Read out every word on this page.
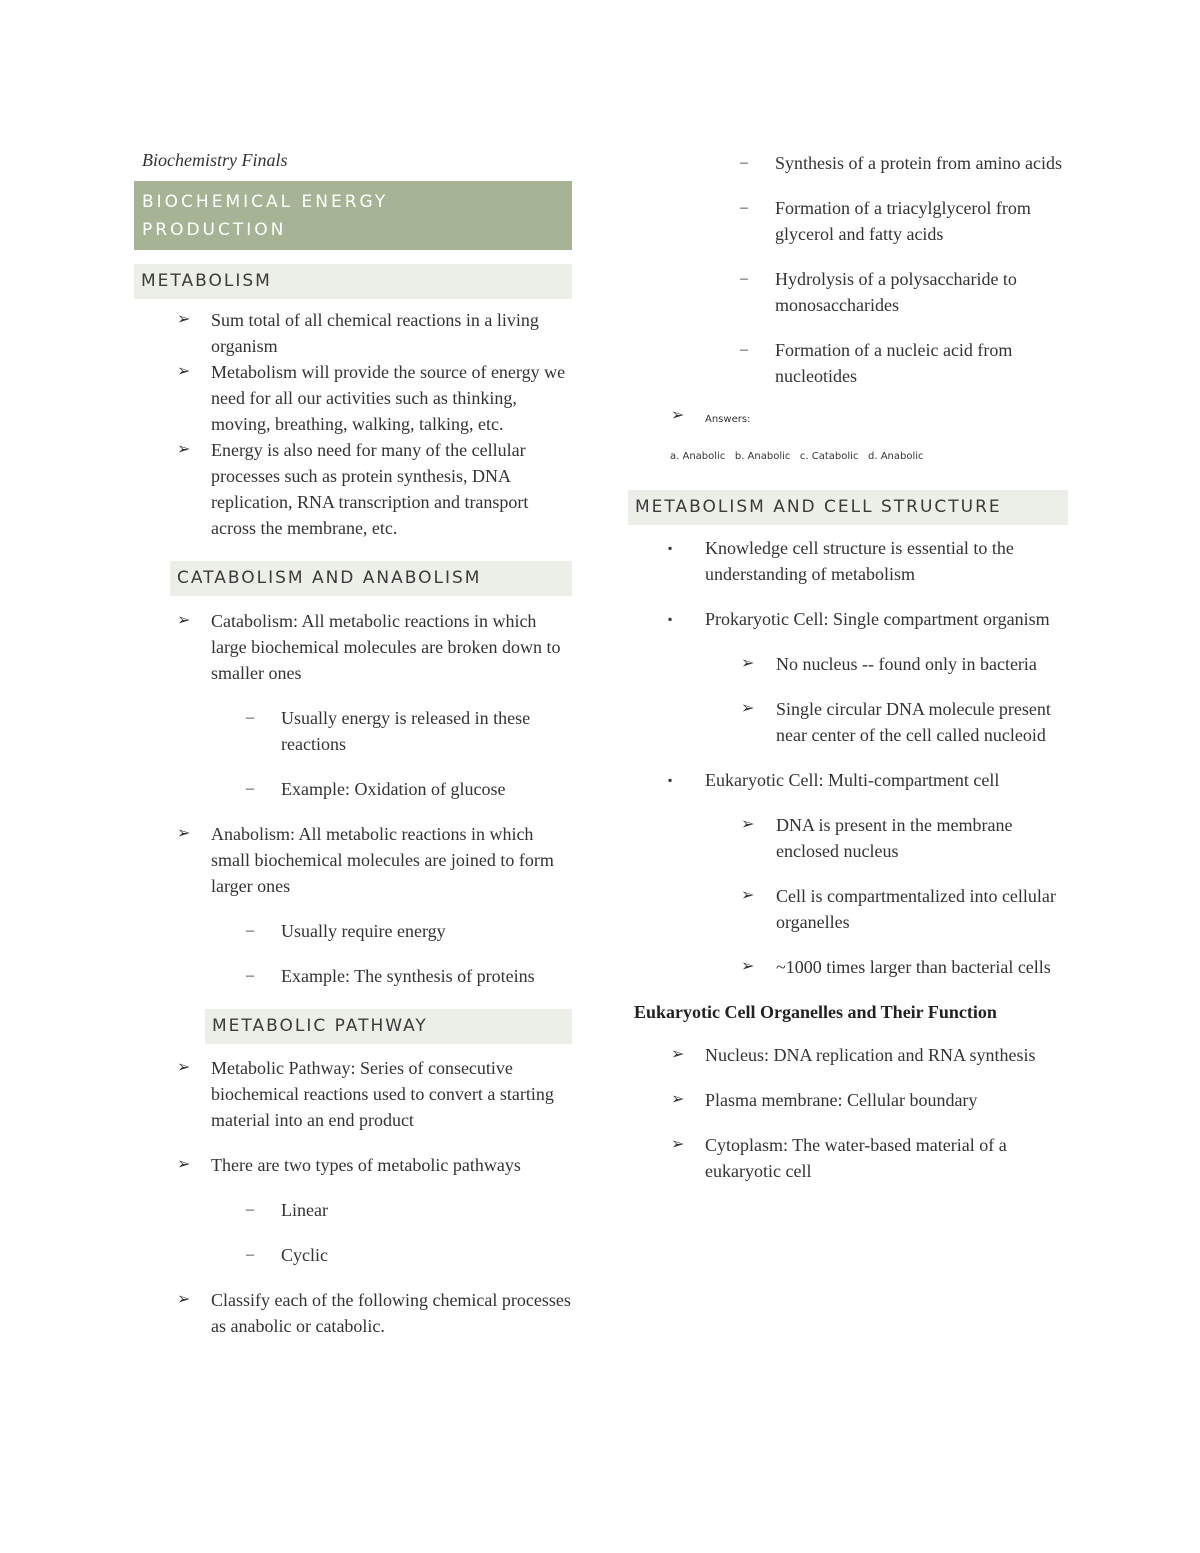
Biochemistry Finals
BIOCHEMICAL ENERGY
PRODUCTION
METABOLISM
➢ Sum total of all chemical reactions in a living organism
➢ Metabolism will provide the source of energy we need for all our activities such as thinking, moving, breathing, walking, talking, etc.
➢ Energy is also need for many of the cellular processes such as protein synthesis, DNA replication, RNA transcription and transport across the membrane, etc.
CATABOLISM AND ANABOLISM
➢ Catabolism: All metabolic reactions in which large biochemical molecules are broken down to smaller ones
– Usually energy is released in these reactions
– Example: Oxidation of glucose
➢ Anabolism: All metabolic reactions in which small biochemical molecules are joined to form larger ones
– Usually require energy
– Example: The synthesis of proteins
METABOLIC PATHWAY
➢ Metabolic Pathway: Series of consecutive biochemical reactions used to convert a starting material into an end product
➢ There are two types of metabolic pathways
– Linear
– Cyclic
➢ Classify each of the following chemical processes as anabolic or catabolic.
– Synthesis of a protein from amino acids
– Formation of a triacylglycerol from glycerol and fatty acids
– Hydrolysis of a polysaccharide to monosaccharides
– Formation of a nucleic acid from nucleotides
➢ Answers:
a. Anabolic   b. Anabolic   c. Catabolic   d. Anabolic
METABOLISM AND CELL STRUCTURE
▪ Knowledge cell structure is essential to the understanding of metabolism
▪ Prokaryotic Cell: Single compartment organism
➢ No nucleus -- found only in bacteria
➢ Single circular DNA molecule present near center of the cell called nucleoid
▪ Eukaryotic Cell: Multi-compartment cell
➢ DNA is present in the membrane enclosed nucleus
➢ Cell is compartmentalized into cellular organelles
➢ ~1000 times larger than bacterial cells
Eukaryotic Cell Organelles and Their Function
➢ Nucleus: DNA replication and RNA synthesis
➢ Plasma membrane: Cellular boundary
➢ Cytoplasm: The water-based material of a eukaryotic cell
